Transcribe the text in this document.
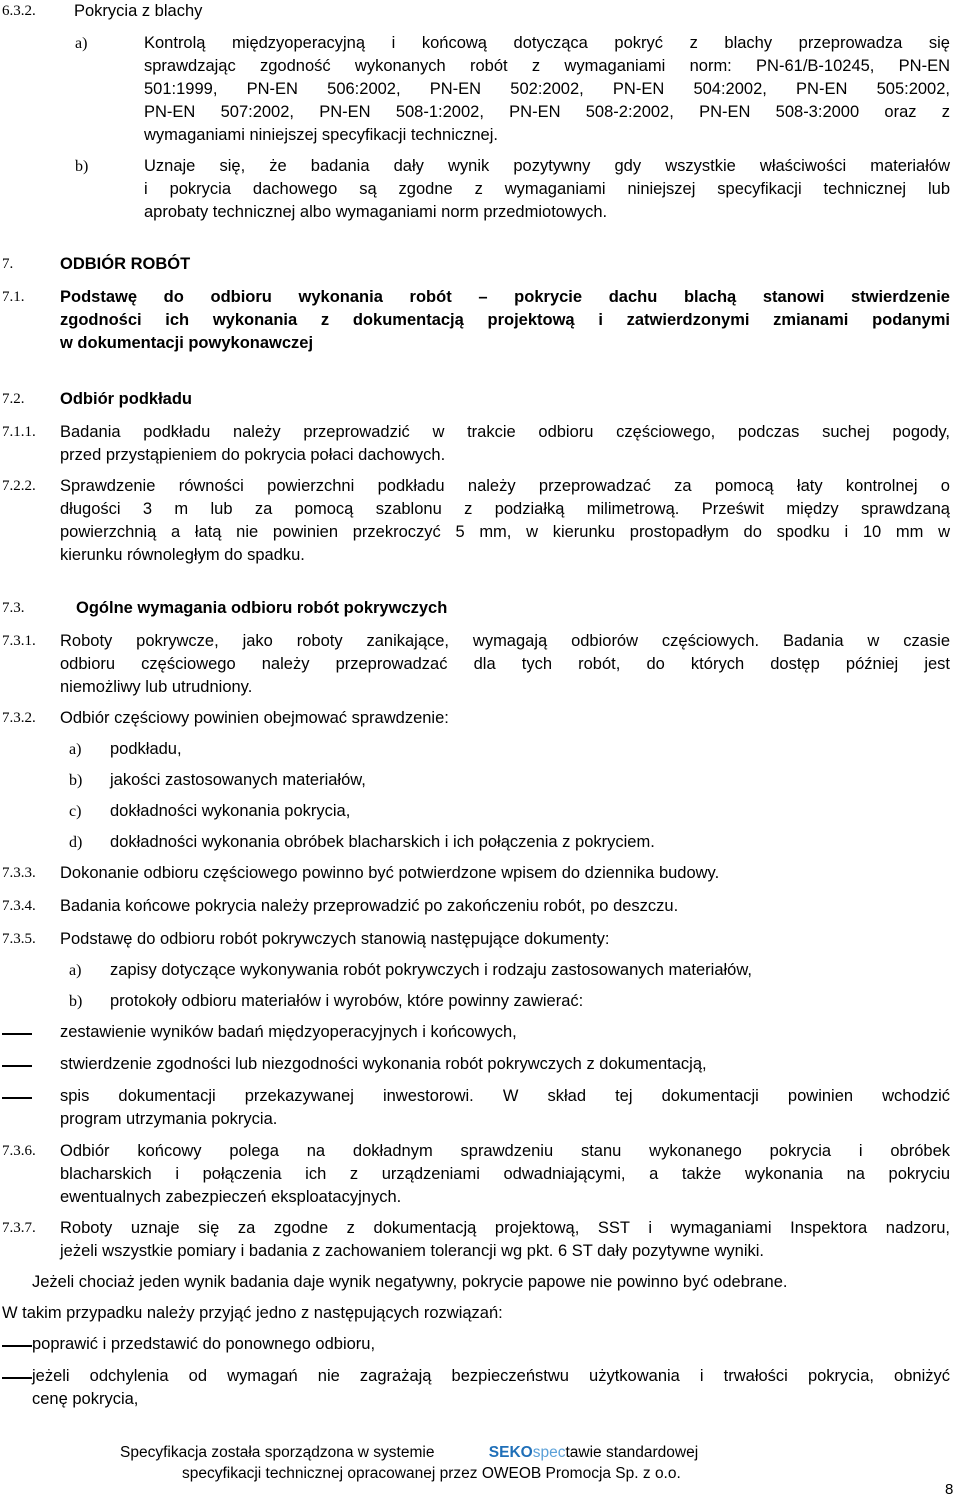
6.3.2. Pokrycia z blachy
a)	Kontrolą międzyoperacyjną i końcową dotycząca pokryć z blachy przeprowadza się
sprawdzając zgodność wykonanych robót z wymaganiami norm: PN-61/B-10245, PN-EN
501:1999, PN-EN 506:2002, PN-EN 502:2002, PN-EN 504:2002, PN-EN 505:2002,
PN-EN 507:2002, PN-EN 508-1:2002, PN-EN 508-2:2002, PN-EN 508-3:2000 oraz z
wymaganiami niniejszej specyfikacji technicznej.
b)	Uznaje się, że badania dały wynik pozytywny gdy wszystkie właściwości materiałów
i pokrycia dachowego są zgodne z wymaganiami niniejszej specyfikacji technicznej lub
aprobaty technicznej albo wymaganiami norm przedmiotowych.
7.	ODBIÓR ROBÓT
7.1. Podstawę do odbioru wykonania robót – pokrycie dachu blachą stanowi stwierdzenie
zgodności ich wykonania z dokumentacją projektową i zatwierdzonymi zmianami podanymi
w dokumentacji powykonawczej
7.2. Odbiór podkładu
7.1.1. Badania podkładu należy przeprowadzić w trakcie odbioru częściowego, podczas suchej pogody,
przed przystąpieniem do pokrycia połaci dachowych.
7.2.2. Sprawdzenie równości powierzchni podkładu należy przeprowadzać za pomocą łaty kontrolnej o
długości 3 m lub za pomocą szablonu z podziałką milimetrową. Prześwit między sprawdzaną
powierzchnią a łatą nie powinien przekroczyć 5 mm, w kierunku prostopadłym do spodku i 10 mm w
kierunku równoległym do spadku.
7.3.	Ogólne wymagania odbioru robót pokrywczych
7.3.1. Roboty pokrywcze, jako roboty zanikające, wymagają odbiorów częściowych. Badania w czasie
odbioru częściowego należy przeprowadzać dla tych robót, do których dostęp później jest
niemożliwy lub utrudniony.
7.3.2. Odbiór częściowy powinien obejmować sprawdzenie:
a) podkładu,
b) jakości zastosowanych materiałów,
c) dokładności wykonania pokrycia,
d) dokładności wykonania obróbek blacharskich i ich połączenia z pokryciem.
7.3.3. Dokonanie odbioru częściowego powinno być potwierdzone wpisem do dziennika budowy.
7.3.4. Badania końcowe pokrycia należy przeprowadzić po zakończeniu robót, po deszczu.
7.3.5. Podstawę do odbioru robót pokrywczych stanowią następujące dokumenty:
a) zapisy dotyczące wykonywania robót pokrywczych i rodzaju zastosowanych materiałów,
b) protokoły odbioru materiałów i wyrobów, które powinny zawierać:
zestawienie wyników badań międzyoperacyjnych i końcowych,
stwierdzenie zgodności lub niezgodności wykonania robót pokrywczych z dokumentacją,
spis dokumentacji przekazywanej inwestorowi. W skład tej dokumentacji powinien wchodzić
program utrzymania pokrycia.
7.3.6. Odbiór końcowy polega na dokładnym sprawdzeniu stanu wykonanego pokrycia i obróbek
blacharskich i połączenia ich z urządzeniami odwadniającymi, a także wykonania na pokryciu
ewentualnych zabezpieczeń eksploatacyjnych.
7.3.7. Roboty uznaje się za zgodne z dokumentacją projektową, SST i wymaganiami Inspektora nadzoru,
jeżeli wszystkie pomiary i badania z zachowaniem tolerancji wg pkt. 6 ST dały pozytywne wyniki.
Jeżeli chociaż jeden wynik badania daje wynik negatywny, pokrycie papowe nie powinno być odebrane.
W takim przypadku należy przyjąć jedno z następujących rozwiązań:
poprawić i przedstawić do ponownego odbioru,
jeżeli odchylenia od wymagań nie zagrażają bezpieczeństwu użytkowania i trwałości pokrycia, obniżyć
cenę pokrycia,
Specyfikacja została sporządzona w systemie	SEKOspectawie standardowej
specyfikacji technicznej opracowanej przez OWEOB Promocja Sp. z o.o.
8
